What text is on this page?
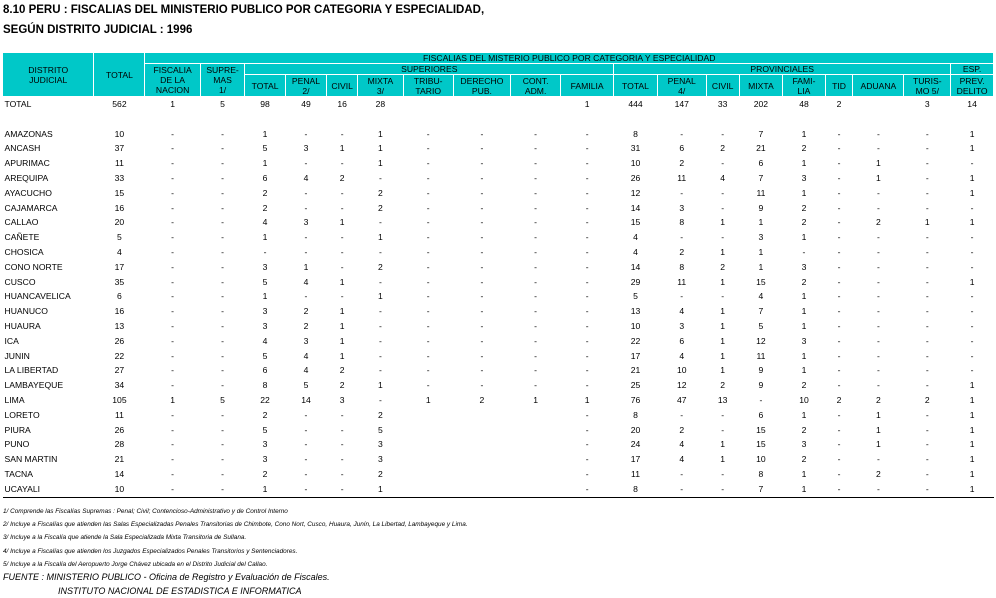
8.10 PERU : FISCALIAS DEL MINISTERIO PUBLICO POR CATEGORIA Y ESPECIALIDAD,
SEGÚN DISTRITO JUDICIAL : 1996
DISTRITO
JUDICIAL	TOTAL	FISCALIAS DEL MISTERIO PUBLICO POR CATEGORIA Y ESPECIALIDAD																		
		FISCALIA
DE LA
NACION	SUPRE-
MAS
1/	SUPERIORES								PROVINCIALES								ESP.
				TOTAL	PENAL
2/	CIVIL	MIXTA
3/	TRIBU-
TARIO	DERECHO
PUB.	CONT.
ADM.	FAMILIA	TOTAL	PENAL
4/	CIVIL	MIXTA	FAMI-
LIA	TID	ADUANA	TURIS-
MO 5/	PREV.
DELITO
TOTAL	562	1	5	98	49	16	28				1	444	147	33	202	48	2		3	14

AMAZONAS	10	-	-	1	-	-	1	-	-	-	-	8	-	-	7	1	-	-	-	1
ANCASH	37	-	-	5	3	1	1	-	-	-	-	31	6	2	21	2	-	-	-	1
APURIMAC	11	-	-	1	-	-	1	-	-	-	-	10	2	-	6	1	-	1	-	-
AREQUIPA	33	-	-	6	4	2	-	-	-	-	-	26	11	4	7	3	-	1	-	1
AYACUCHO	15	-	-	2	-	-	2	-	-	-	-	12	-	-	11	1	-	-	-	1
CAJAMARCA	16	-	-	2	-	-	2	-	-	-	-	14	3	-	9	2	-	-	-	-
CALLAO	20	-	-	4	3	1	-	-	-	-	-	15	8	1	1	2	-	2	1	1
CAÑETE	5	-	-	1	-	-	1	-	-	-	-	4	-	-	3	1	-	-	-	-
CHOSICA	4	-	-	-	-	-	-	-	-	-	-	4	2	1	1	-	-	-	-	-
CONO NORTE	17	-	-	3	1	-	2	-	-	-	-	14	8	2	1	3	-	-	-	-
CUSCO	35	-	-	5	4	1	-	-	-	-	-	29	11	1	15	2	-	-	-	1
HUANCAVELICA	6	-	-	1	-	-	1	-	-	-	-	5	-	-	4	1	-	-	-	-
HUANUCO	16	-	-	3	2	1	-	-	-	-	-	13	4	1	7	1	-	-	-	-
HUAURA	13	-	-	3	2	1	-	-	-	-	-	10	3	1	5	1	-	-	-	-
ICA	26	-	-	4	3	1	-	-	-	-	-	22	6	1	12	3	-	-	-	-
JUNIN	22	-	-	5	4	1	-	-	-	-	-	17	4	1	11	1	-	-	-	-
LA LIBERTAD	27	-	-	6	4	2	-	-	-	-	-	21	10	1	9	1	-	-	-	-
LAMBAYEQUE	34	-	-	8	5	2	1	-	-	-	-	25	12	2	9	2	-	-	-	1
LIMA	105	1	5	22	14	3	-	1	2	1	1	76	47	13	-	10	2	2	2	1
LORETO	11	-	-	2	-	-	2				-	8	-	-	6	1	-	1	-	1
PIURA	26	-	-	5	-	-	5				-	20	2	-	15	2	-	1	-	1
PUNO	28	-	-	3	-	-	3				-	24	4	1	15	3	-	1	-	1
SAN MARTIN	21	-	-	3	-	-	3				-	17	4	1	10	2	-	-	-	1
TACNA	14	-	-	2	-	-	2				-	11	-	-	8	1	-	2	-	1
UCAYALI	10	-	-	1	-	-	1				-	8	-	-	7	1	-	-	-	1
1/ Comprende las Fiscalías Supremas : Penal; Civil; Contencioso-Administrativo y de Control Interno
2/ Incluye a Fiscalías que atienden las Salas Especializadas Penales Transitorias de Chimbote, Cono Nort, Cusco, Huaura, Junín, La Libertad, Lambayeque y Lima.
3/ Incluye a la Fiscalía que atiende la Sala Especializada Mixta Transitoria de Sullana.
4/ Incluye a Fiscalías que atienden los Juzgados Especializados Penales Transitorios y Sentenciadores.
5/ Incluye a la Fiscalía del Aeropuerto Jorge Chávez ubicada en el Distrito Judicial del Callao.
FUENTE : MINISTERIO PUBLICO - Oficina de Registro y Evaluación de Fiscales.
INSTITUTO NACIONAL DE ESTADISTICA E INFORMATICA
